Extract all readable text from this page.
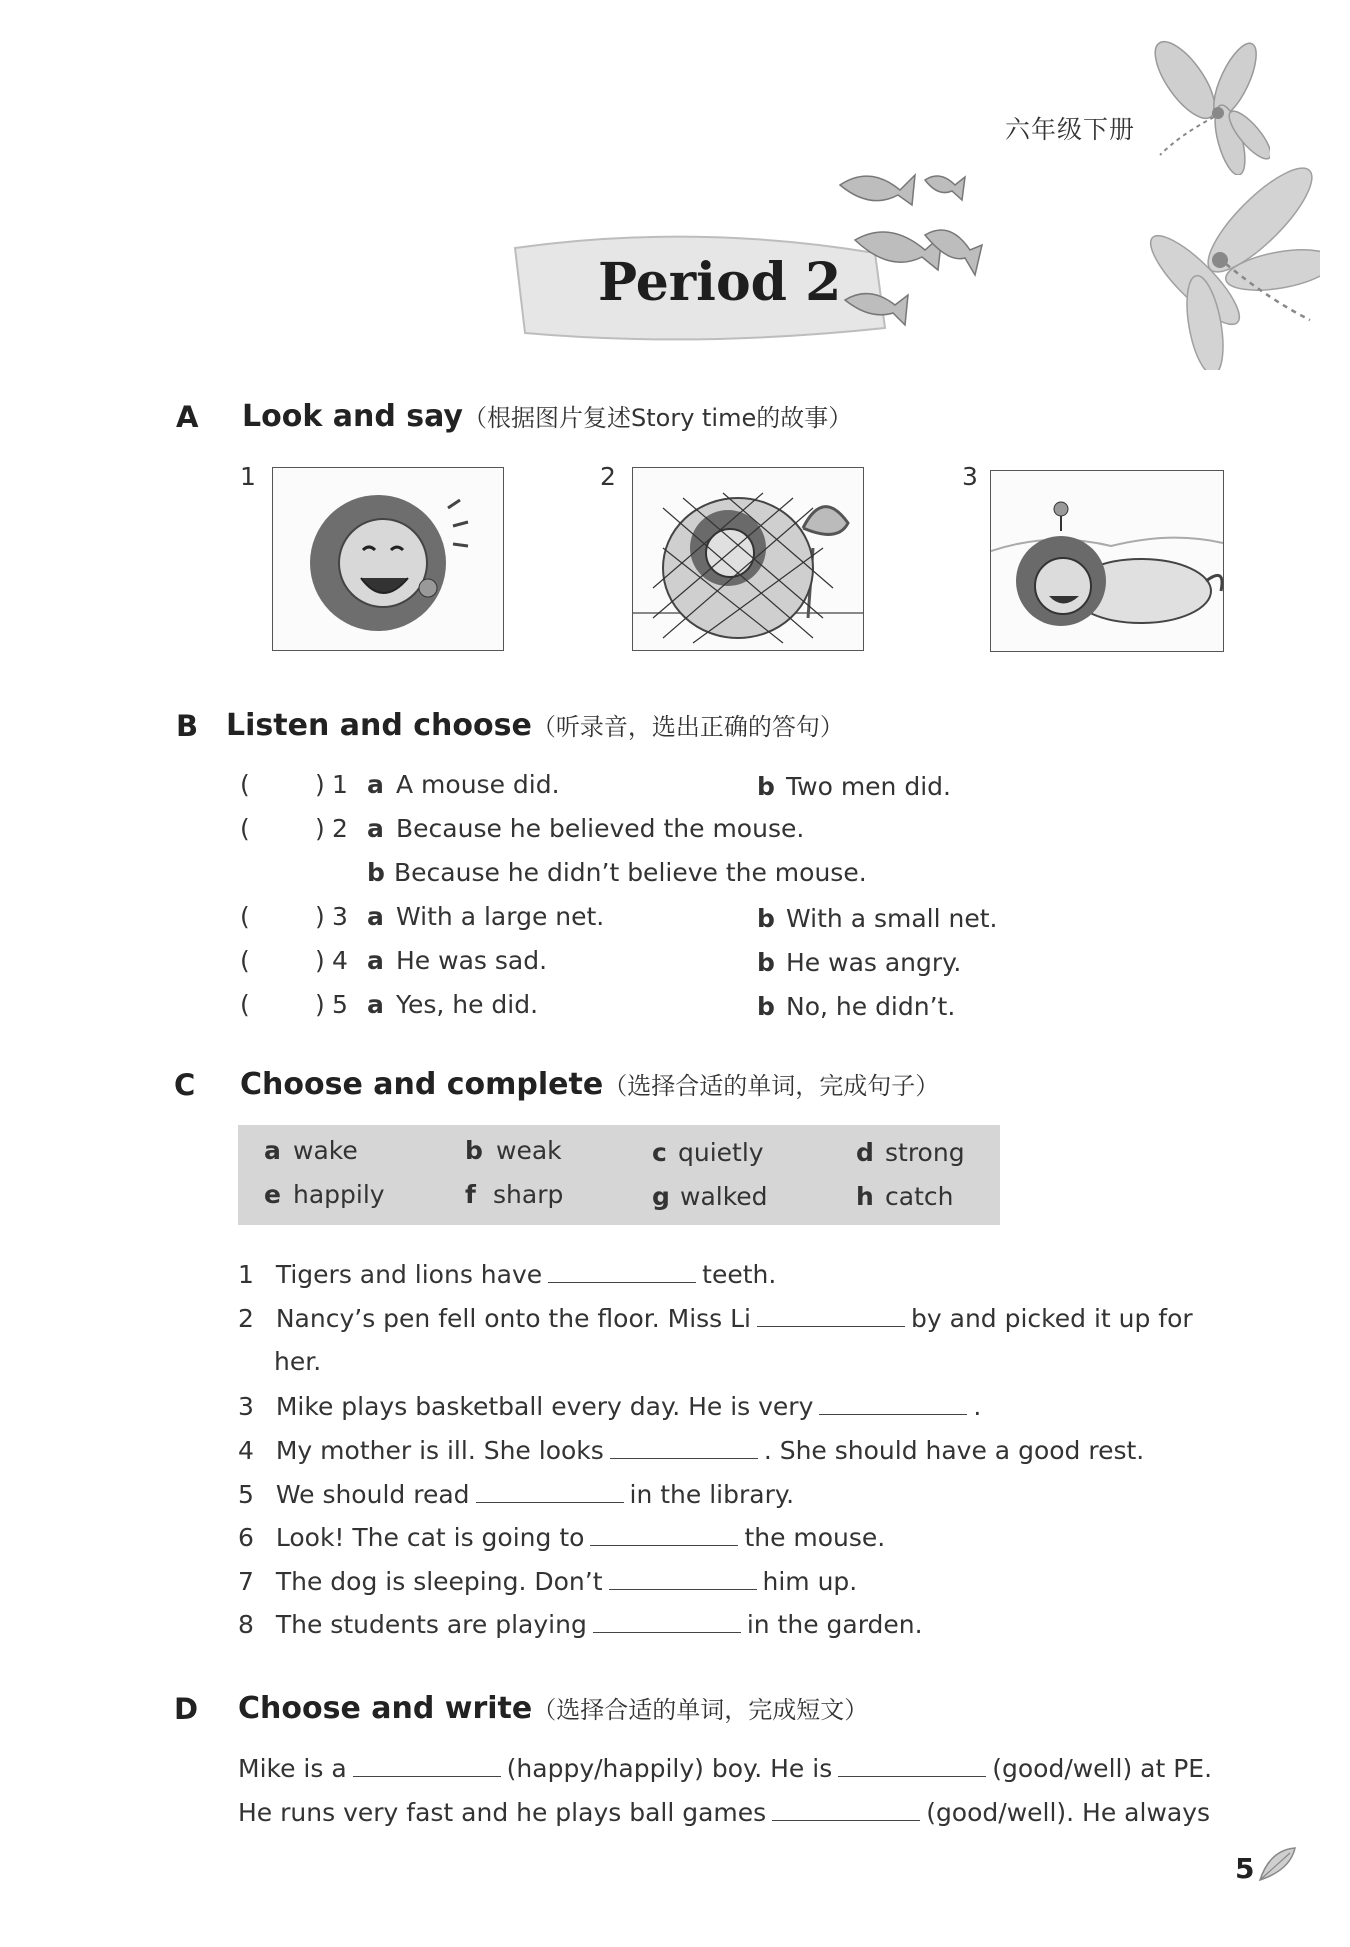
六年级下册
Period 2
A Look and say（根据图片复述Story time的故事）
1	2	3
B Listen and choose（听录音，选出正确的答句）
(	) 1 a A mouse did.	b Two men did.
(	) 2 a Because he believed the mouse.
b Because he didn’t believe the mouse.
(	) 3 a With a large net.	b With a small net.
(	) 4 a He was sad.	b He was angry.
(	) 5 a Yes, he did.	b No, he didn’t.
C Choose and complete（选择合适的单词，完成句子）
a wake	b weak	c quietly	d strong
e happily	f sharp	g walked	h catch
1 Tigers and lions have	teeth.
2 Nancy’s pen fell onto the floor. Miss Li	by and picked it up for
her.
3 Mike plays basketball every day. He is very	.
4 My mother is ill. She looks	. She should have a good rest.
5 We should read	in the library.
6 Look! The cat is going to	the mouse.
7 The dog is sleeping. Don’t	him up.
8 The students are playing	in the garden.
D Choose and write（选择合适的单词，完成短文）
Mike is a	(happy/happily) boy. He is	(good/well) at PE.
He runs very fast and he plays ball games	(good/well). He always
5
